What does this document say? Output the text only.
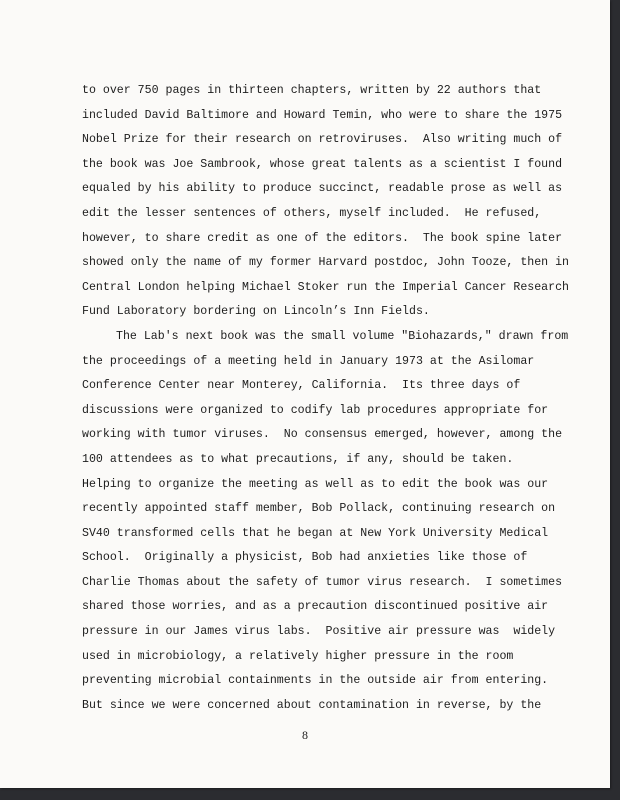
to over 750 pages in thirteen chapters, written by 22 authors that
included David Baltimore and Howard Temin, who were to share the 1975
Nobel Prize for their research on retroviruses.  Also writing much of
the book was Joe Sambrook, whose great talents as a scientist I found
equaled by his ability to produce succinct, readable prose as well as
edit the lesser sentences of others, myself included.  He refused,
however, to share credit as one of the editors.  The book spine later
showed only the name of my former Harvard postdoc, John Tooze, then in
Central London helping Michael Stoker run the Imperial Cancer Research
Fund Laboratory bordering on Lincoln’s Inn Fields.
The Lab's next book was the small volume "Biohazards," drawn from
the proceedings of a meeting held in January 1973 at the Asilomar
Conference Center near Monterey, California.  Its three days of
discussions were organized to codify lab procedures appropriate for
working with tumor viruses.  No consensus emerged, however, among the
100 attendees as to what precautions, if any, should be taken.
Helping to organize the meeting as well as to edit the book was our
recently appointed staff member, Bob Pollack, continuing research on
SV40 transformed cells that he began at New York University Medical
School.  Originally a physicist, Bob had anxieties like those of
Charlie Thomas about the safety of tumor virus research.  I sometimes
shared those worries, and as a precaution discontinued positive air
pressure in our James virus labs.  Positive air pressure was  widely
used in microbiology, a relatively higher pressure in the room
preventing microbial containments in the outside air from entering.
But since we were concerned about contamination in reverse, by the
8
